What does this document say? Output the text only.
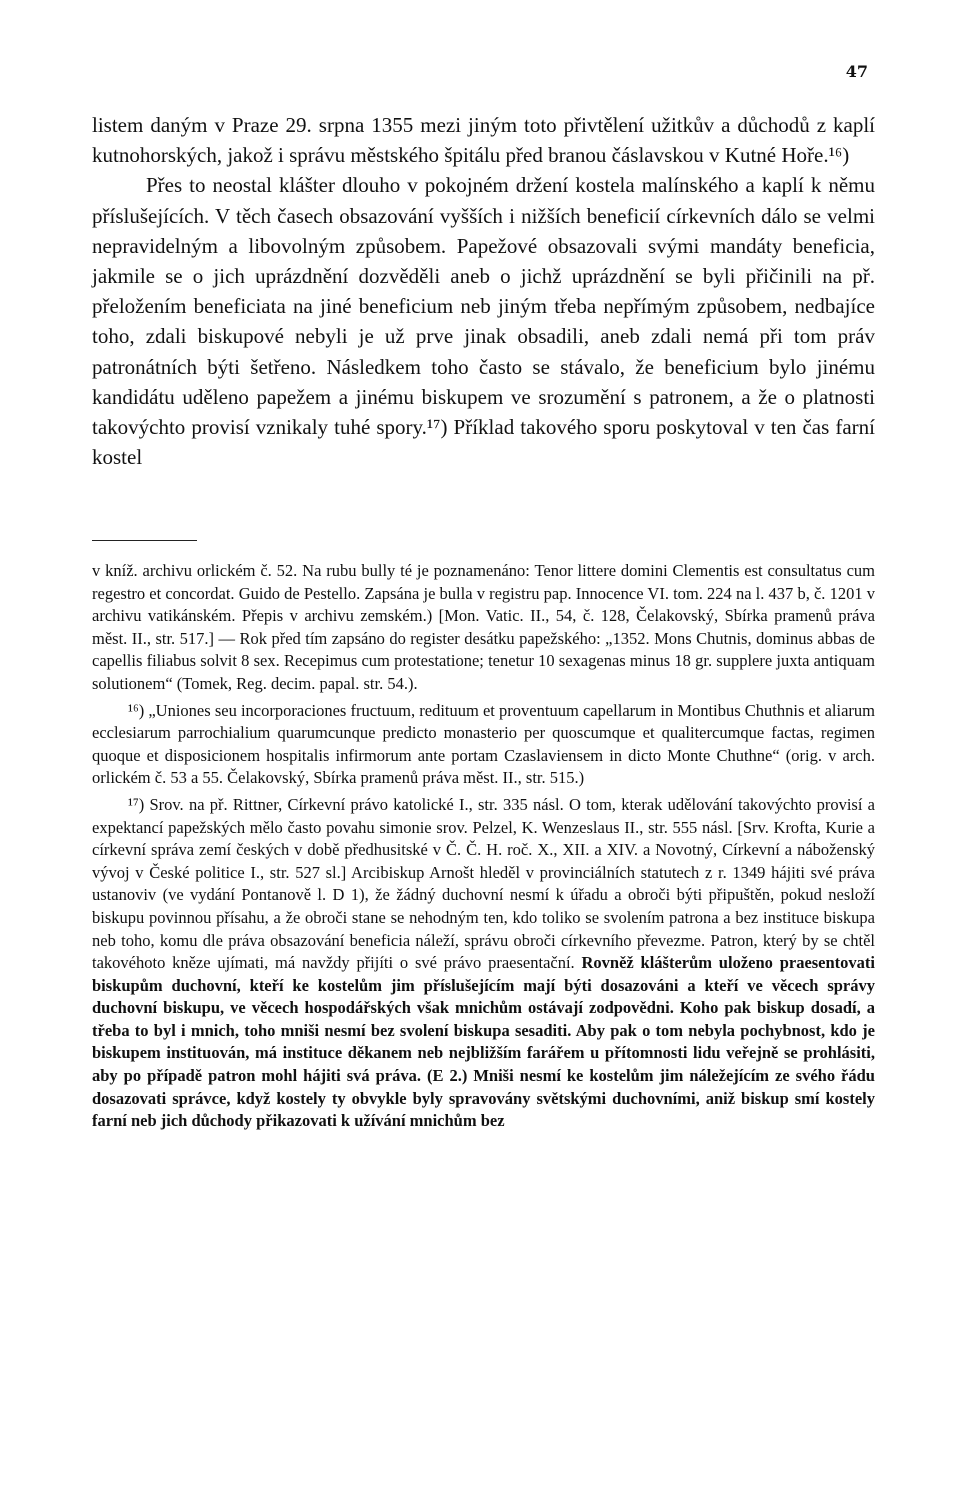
47

listem daným v Praze 29. srpna 1355 mezi jiným toto přivtělení užitkův a důchodů z kaplí kutnohorských, jakož i správu městského špitálu před branou čáslavskou v Kutné Hoře.¹⁶)

Přes to neostal klášter dlouho v pokojném držení kostela malínského a kaplí k němu příslušejících. V těch časech obsazování vyšších i nižších beneficií církevních dálo se velmi nepravidelným a libovolným způsobem. Papežové obsazovali svými mandáty beneficia, jakmile se o jich uprázdnění dozvěděli aneb o jichž uprázdnění se byli přičinili na př. přeložením beneficiata na jiné beneficium neb jiným třeba nepřímým způsobem, nedbajíce toho, zdali biskupové nebyli je už prve jinak obsadili, aneb zdali nemá při tom práv patronátních býti šetřeno. Následkem toho často se stávalo, že beneficium bylo jinému kandidátu uděleno papežem a jinému biskupem ve srozumění s patronem, a že o platnosti takovýchto provisí vznikaly tuhé spory.¹⁷) Příklad takového sporu poskytoval v ten čas farní kostel

v kníž. archivu orlickém č. 52. Na rubu bully té je poznamenáno: Tenor littere domini Clementis est consultatus cum regestro et concordat. Guido de Pestello. Zapsána je bulla v registru pap. Innocence VI. tom. 224 na l. 437 b, č. 1201 v archivu vatikánském. Přepis v archivu zemském.) [Mon. Vatic. II., 54, č. 128, Čelakovský, Sbírka pramenů práva měst. II., str. 517.] — Rok před tím zapsáno do register desátku papežského: „1352. Mons Chutnis, dominus abbas de capellis filiabus solvit 8 sex. Recepimus cum protestatione; tenetur 10 sexagenas minus 18 gr. supplere juxta antiquam solutionem“ (Tomek, Reg. decim. papal. str. 54.).

¹⁶) „Uniones seu incorporaciones fructuum, redituum et proventuum capellarum in Montibus Chuthnis et aliarum ecclesiarum parrochialium quarumcunque predicto monasterio per quoscumque et qualitercumque factas, regimen quoque et disposicionem hospitalis infirmorum ante portam Czaslaviensem in dicto Monte Chuthne“ (orig. v arch. orlickém č. 53 a 55. Čelakovský, Sbírka pramenů práva měst. II., str. 515.)

¹⁷) Srov. na př. Rittner, Církevní právo katolické I., str. 335 násl. O tom, kterak udělování takovýchto provisí a expektancí papežských mělo často povahu simonie srov. Pelzel, K. Wenzeslaus II., str. 555 násl. [Srv. Krofta, Kurie a církevní správa zemí českých v době předhusitské v Č. Č. H. roč. X., XII. a XIV. a Novotný, Církevní a náboženský vývoj v České politice I., str. 527 sl.] Arcibiskup Arnošt hleděl v provinciálních statutech z r. 1349 hájiti své práva ustanoviv (ve vydání Pontanově l. D 1), že žádný duchovní nesmí k úřadu a obroči býti připuštěn, pokud nesloží biskupu povinnou přísahu, a že obroči stane se nehodným ten, kdo toliko se svolením patrona a bez instituce biskupa neb toho, komu dle práva obsazování beneficia náleží, správu obroči církevního převezme. Patron, který by se chtěl takovéhoto kněze ujímati, má navždy přijíti o své právo praesentační. Rovněž klášterům uloženo praesentovati biskupům duchovní, kteří ke kostelům jim příslušejícím mají býti dosazováni a kteří ve věcech správy duchovní biskupu, ve věcech hospodářských však mnichům ostávají zodpovědni. Koho pak biskup dosadí, a třeba to byl i mnich, toho mniši nesmí bez svolení biskupa sesaditi. Aby pak o tom nebyla pochybnost, kdo je biskupem instituován, má instituce děkanem neb nejbližším farářem u přítomnosti lidu veřejně se prohlásiti, aby po případě patron mohl hájiti svá práva. (E 2.) Mniši nesmí ke kostelům jim náležejícím ze svého řádu dosazovati správce, když kostely ty obvykle byly spravovány světskými duchovními, aniž biskup smí kostely farní neb jich důchody přikazovati k užívání mnichům bez
